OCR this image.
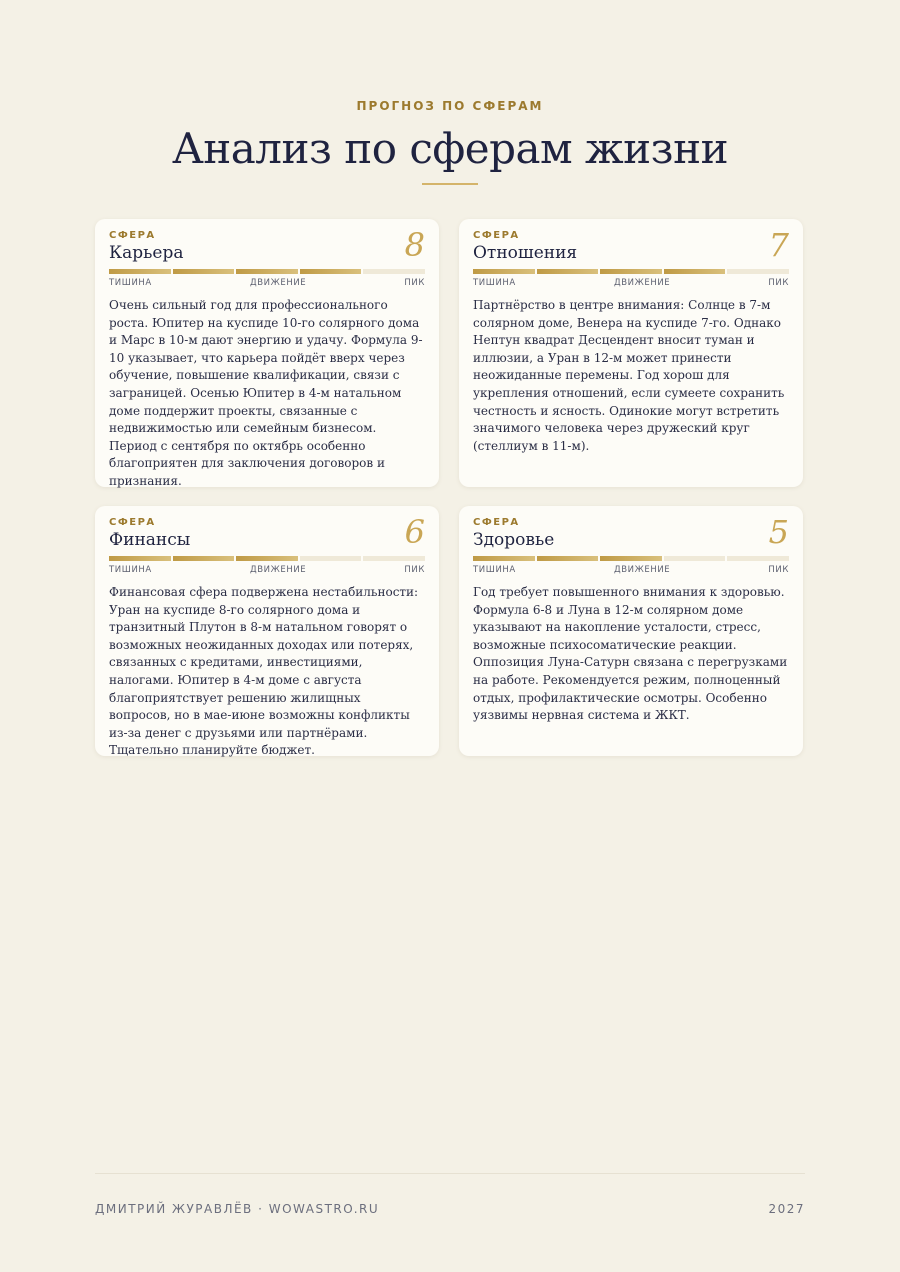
ПРОГНОЗ ПО СФЕРАМ
Анализ по сферам жизни
СФЕРА
Карьера	8
ТИШИНА	ДВИЖЕНИЕ	ПИК
Очень сильный год для профессионального роста. Юпитер на куспиде 10-го солярного дома и Марс в 10-м дают энергию и удачу. Формула 9-10 указывает, что карьера пойдёт вверх через обучение, повышение квалификации, связи с заграницей. Осенью Юпитер в 4-м натальном доме поддержит проекты, связанные с недвижимостью или семейным бизнесом. Период с сентября по октябрь особенно благоприятен для заключения договоров и признания.
СФЕРА
Отношения	7
ТИШИНА	ДВИЖЕНИЕ	ПИК
Партнёрство в центре внимания: Солнце в 7-м солярном доме, Венера на куспиде 7-го. Однако Нептун квадрат Десцендент вносит туман и иллюзии, а Уран в 12-м может принести неожиданные перемены. Год хорош для укрепления отношений, если сумеете сохранить честность и ясность. Одинокие могут встретить значимого человека через дружеский круг (стеллиум в 11-м).
СФЕРА
Финансы	6
ТИШИНА	ДВИЖЕНИЕ	ПИК
Финансовая сфера подвержена нестабильности: Уран на куспиде 8-го солярного дома и транзитный Плутон в 8-м натальном говорят о возможных неожиданных доходах или потерях, связанных с кредитами, инвестициями, налогами. Юпитер в 4-м доме с августа благоприятствует решению жилищных вопросов, но в мае-июне возможны конфликты из-за денег с друзьями или партнёрами. Тщательно планируйте бюджет.
СФЕРА
Здоровье	5
ТИШИНА	ДВИЖЕНИЕ	ПИК
Год требует повышенного внимания к здоровью. Формула 6-8 и Луна в 12-м солярном доме указывают на накопление усталости, стресс, возможные психосоматические реакции. Оппозиция Луна-Сатурн связана с перегрузками на работе. Рекомендуется режим, полноценный отдых, профилактические осмотры. Особенно уязвимы нервная система и ЖКТ.
ДМИТРИЙ ЖУРАВЛЁВ · WOWASTRO.RU	2027
